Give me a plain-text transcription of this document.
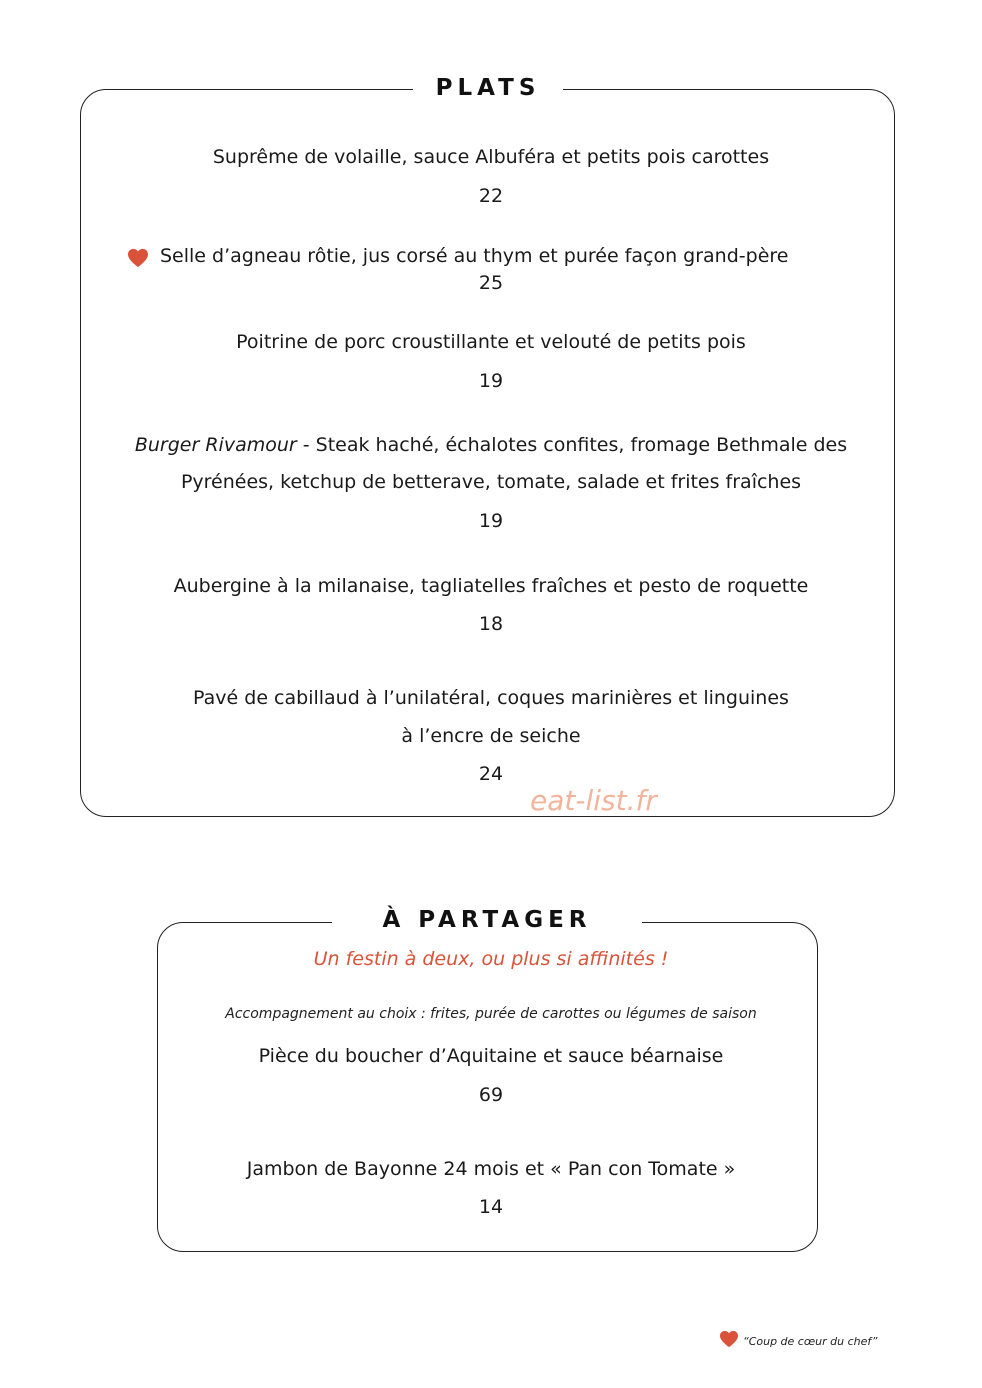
PLATS
Suprême de volaille, sauce Albuféra et petits pois carottes
22
Selle d’agneau rôtie, jus corsé au thym et purée façon grand-père
25
Poitrine de porc croustillante et velouté de petits pois
19
Burger Rivamour - Steak haché, échalotes confites, fromage Bethmale des
Pyrénées, ketchup de betterave, tomate, salade et frites fraîches
19
Aubergine à la milanaise, tagliatelles fraîches et pesto de roquette
18
Pavé de cabillaud à l’unilatéral, coques marinières et linguines
à l’encre de seiche
24
eat-list.fr
À PARTAGER
Un festin à deux, ou plus si affinités !
Accompagnement au choix : frites, purée de carottes ou légumes de saison
Pièce du boucher d’Aquitaine et sauce béarnaise
69
Jambon de Bayonne 24 mois et « Pan con Tomate »
14
“Coup de cœur du chef”
